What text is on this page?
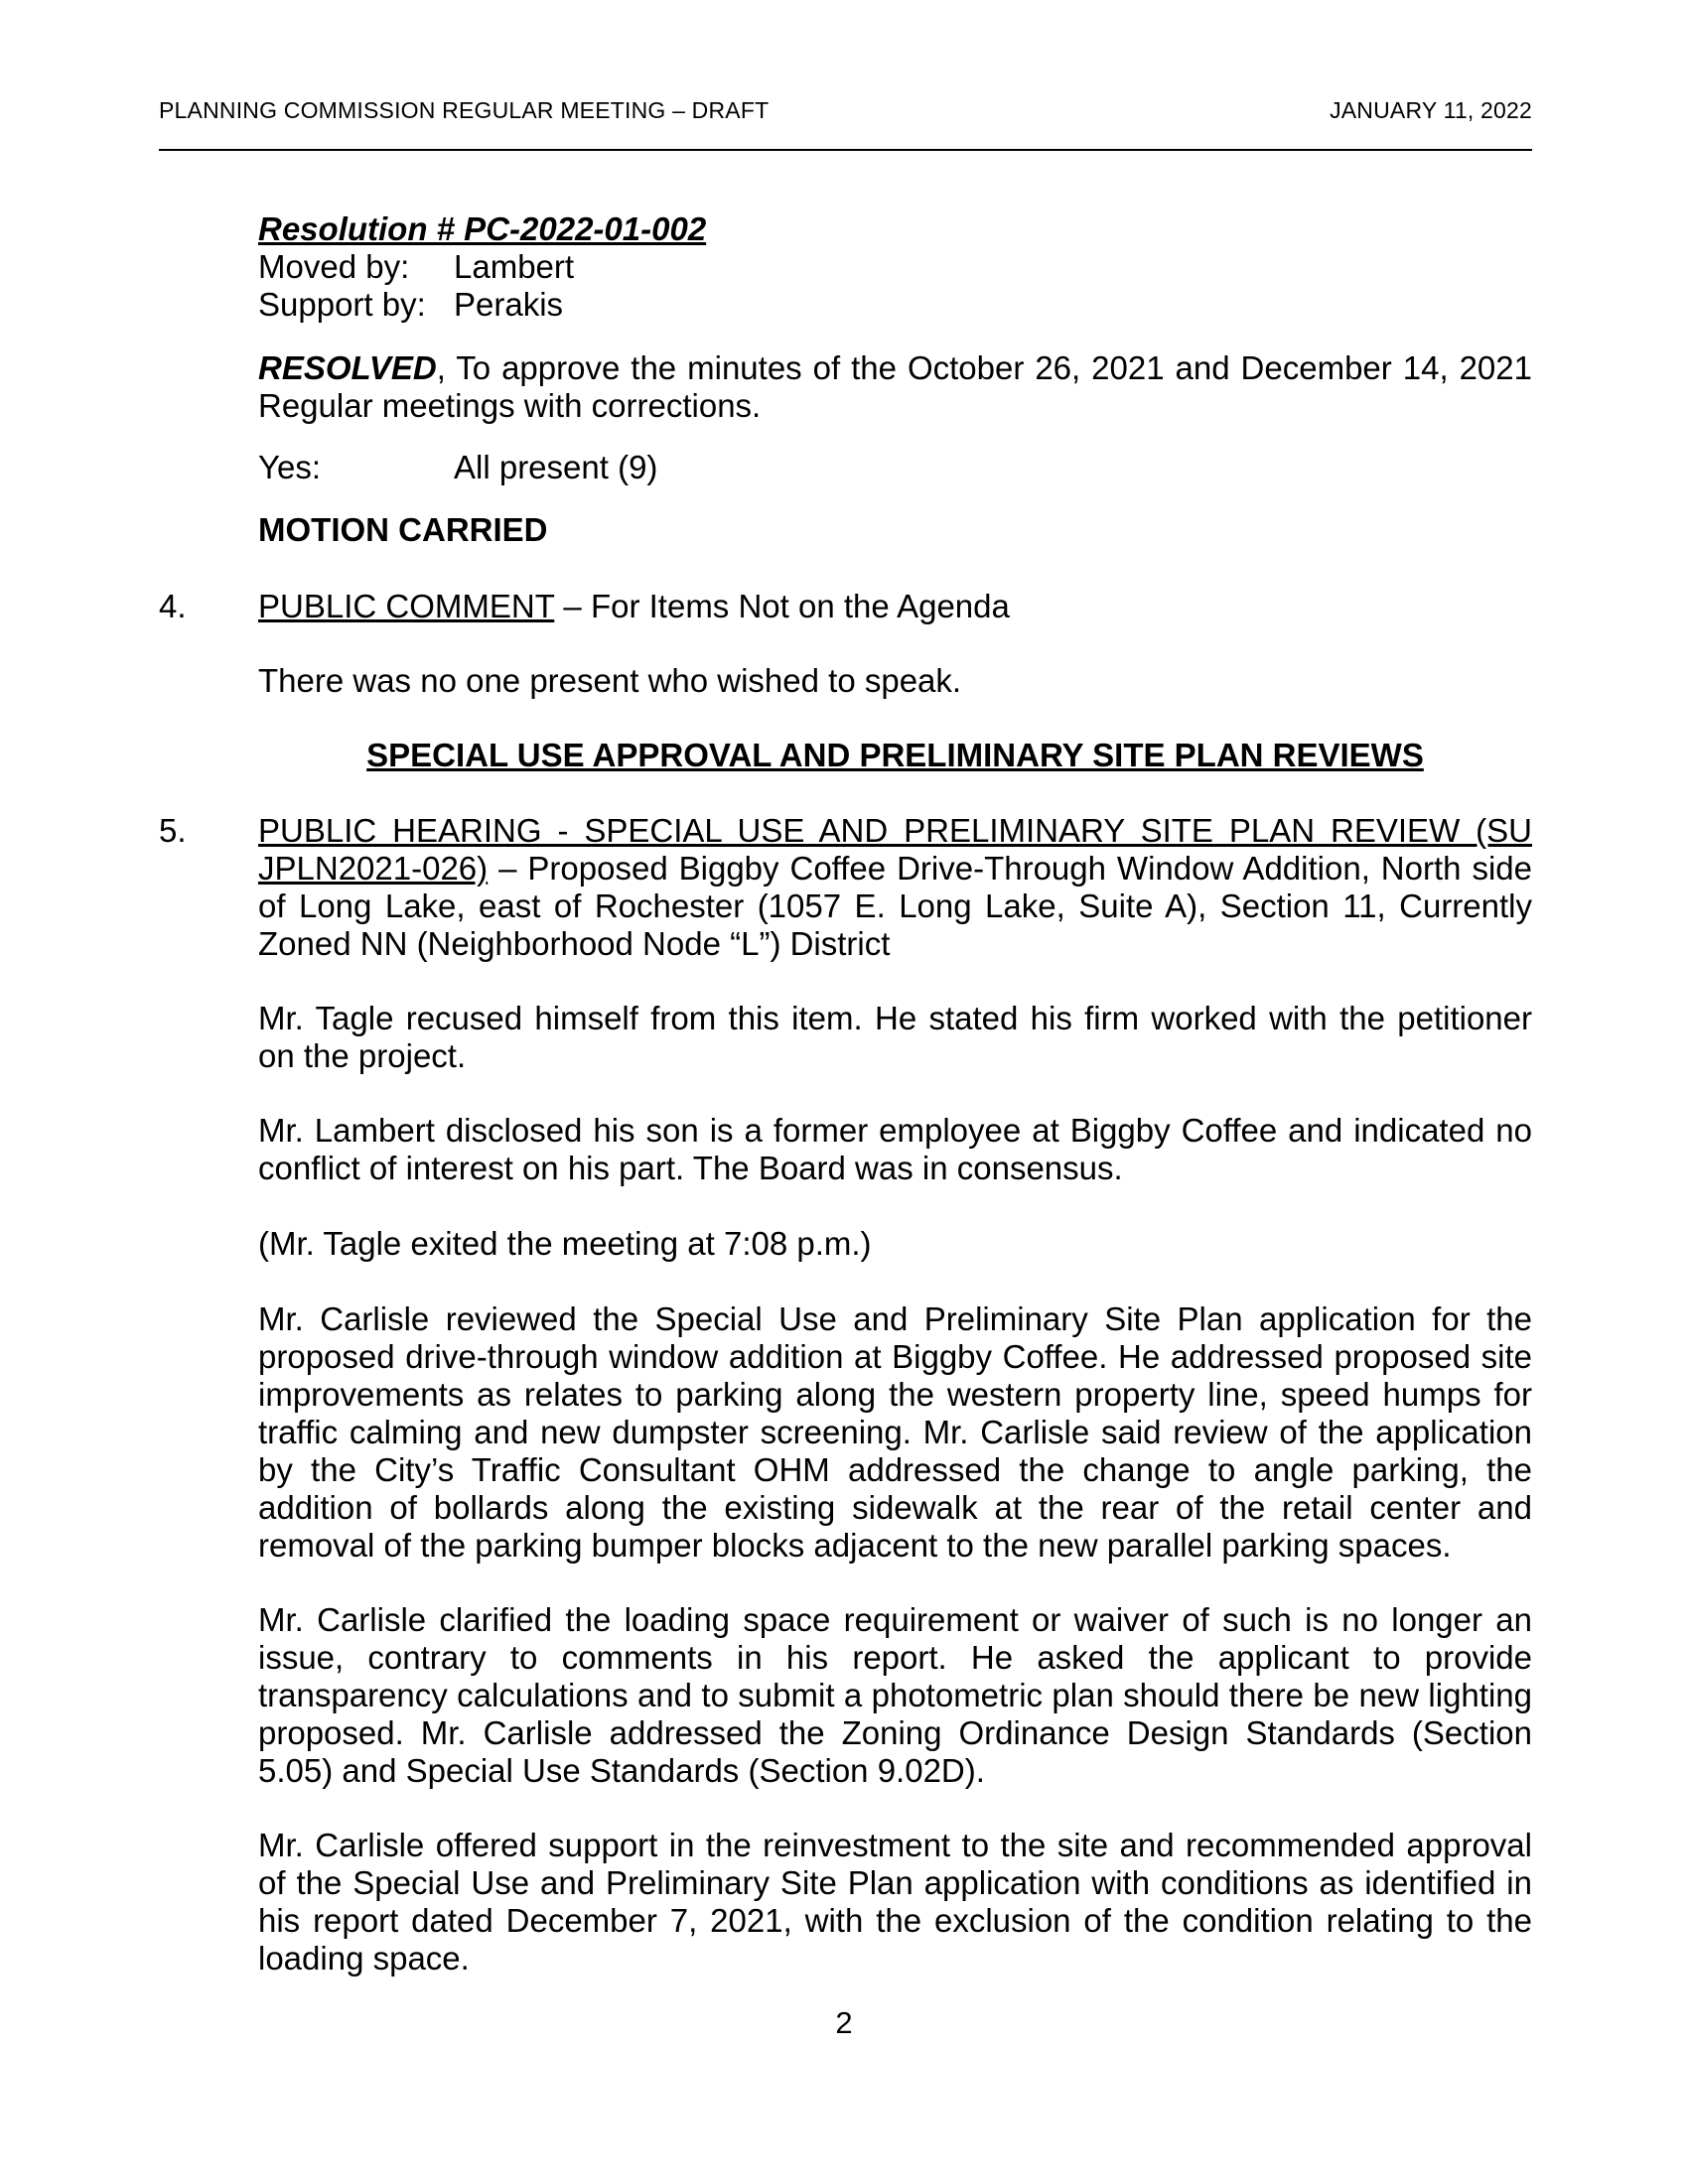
PLANNING COMMISSION REGULAR MEETING – DRAFT	JANUARY 11, 2022
Resolution # PC-2022-01-002
Moved by: Lambert
Support by: Perakis
RESOLVED, To approve the minutes of the October 26, 2021 and December 14, 2021 Regular meetings with corrections.
Yes:	All present (9)
MOTION CARRIED
4. PUBLIC COMMENT – For Items Not on the Agenda
There was no one present who wished to speak.
SPECIAL USE APPROVAL AND PRELIMINARY SITE PLAN REVIEWS
5. PUBLIC HEARING - SPECIAL USE AND PRELIMINARY SITE PLAN REVIEW (SU JPLN2021-026) – Proposed Biggby Coffee Drive-Through Window Addition, North side of Long Lake, east of Rochester (1057 E. Long Lake, Suite A), Section 11, Currently Zoned NN (Neighborhood Node “L”) District
Mr. Tagle recused himself from this item. He stated his firm worked with the petitioner on the project.
Mr. Lambert disclosed his son is a former employee at Biggby Coffee and indicated no conflict of interest on his part. The Board was in consensus.
(Mr. Tagle exited the meeting at 7:08 p.m.)
Mr. Carlisle reviewed the Special Use and Preliminary Site Plan application for the proposed drive-through window addition at Biggby Coffee. He addressed proposed site improvements as relates to parking along the western property line, speed humps for traffic calming and new dumpster screening. Mr. Carlisle said review of the application by the City’s Traffic Consultant OHM addressed the change to angle parking, the addition of bollards along the existing sidewalk at the rear of the retail center and removal of the parking bumper blocks adjacent to the new parallel parking spaces.
Mr. Carlisle clarified the loading space requirement or waiver of such is no longer an issue, contrary to comments in his report. He asked the applicant to provide transparency calculations and to submit a photometric plan should there be new lighting proposed. Mr. Carlisle addressed the Zoning Ordinance Design Standards (Section 5.05) and Special Use Standards (Section 9.02D).
Mr. Carlisle offered support in the reinvestment to the site and recommended approval of the Special Use and Preliminary Site Plan application with conditions as identified in his report dated December 7, 2021, with the exclusion of the condition relating to the loading space.
2
